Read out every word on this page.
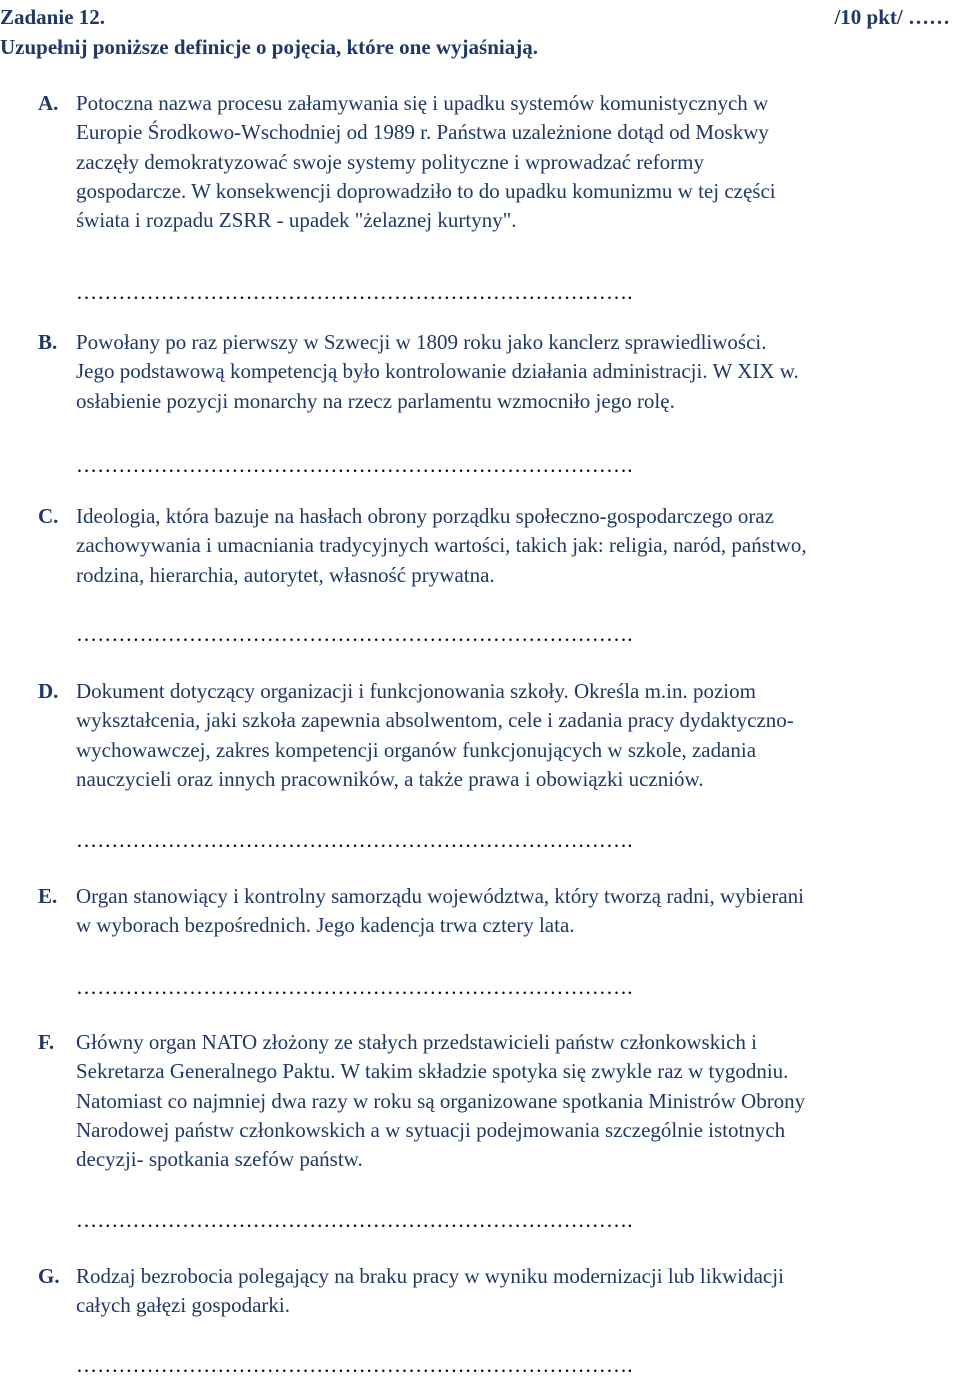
Zadanie 12.	/10 pkt/ ……
Uzupełnij poniższe definicje o pojęcia, które one wyjaśniają.
A. Potoczna nazwa procesu załamywania się i upadku systemów komunistycznych w
Europie Środkowo-Wschodniej od 1989 r. Państwa uzależnione dotąd od Moskwy
zaczęły demokratyzować swoje systemy polityczne i wprowadzać reformy
gospodarcze. W konsekwencji doprowadziło to do upadku komunizmu w tej części
świata i rozpadu ZSRR - upadek "żelaznej kurtyny".
…………………………………………………………………….
B. Powołany po raz pierwszy w Szwecji w 1809 roku jako kanclerz sprawiedliwości.
Jego podstawową kompetencją było kontrolowanie działania administracji. W XIX w.
osłabienie pozycji monarchy na rzecz parlamentu wzmocniło jego rolę.
…………………………………………………………………….
C. Ideologia, która bazuje na hasłach obrony porządku społeczno-gospodarczego oraz
zachowywania i umacniania tradycyjnych wartości, takich jak: religia, naród, państwo,
rodzina, hierarchia, autorytet, własność prywatna.
…………………………………………………………………….
D. Dokument dotyczący organizacji i funkcjonowania szkoły. Określa m.in. poziom
wykształcenia, jaki szkoła zapewnia absolwentom, cele i zadania pracy dydaktyczno-
wychowawczej, zakres kompetencji organów funkcjonujących w szkole, zadania
nauczycieli oraz innych pracowników, a także prawa i obowiązki uczniów.
…………………………………………………………………….
E. Organ stanowiący i kontrolny samorządu województwa, który tworzą radni, wybierani
w wyborach bezpośrednich. Jego kadencja trwa cztery lata.
…………………………………………………………………….
F. Główny organ NATO złożony ze stałych przedstawicieli państw członkowskich i
Sekretarza Generalnego Paktu. W takim składzie spotyka się zwykle raz w tygodniu.
Natomiast co najmniej dwa razy w roku są organizowane spotkania Ministrów Obrony
Narodowej państw członkowskich a w sytuacji podejmowania szczególnie istotnych
decyzji- spotkania szefów państw.
…………………………………………………………………….
G. Rodzaj bezrobocia polegający na braku pracy w wyniku modernizacji lub likwidacji
całych gałęzi gospodarki.
…………………………………………………………………….
